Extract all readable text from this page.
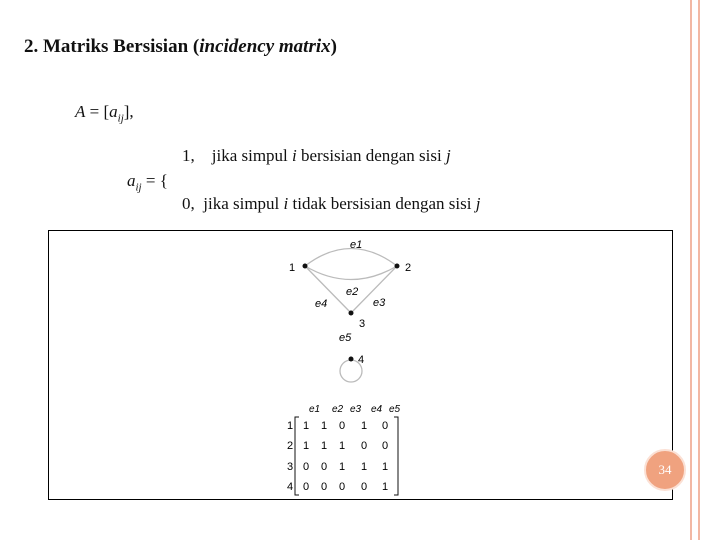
2. Matriks Bersisian (incidency matrix)
$A = [a_{ij}]$,
1, jika simpul i bersisian dengan sisi j
$a_{ij}$ = {
0, jika simpul i tidak bersisian dengan sisi j
1	2
3
4
e1
e2
e3
e4
e5
e1 e2 e3 e4 e5
1
2
3
4
1 1 0 1 0
1 1 1 0 0
0 0 1 1 1
0 0 0 0 1
34
